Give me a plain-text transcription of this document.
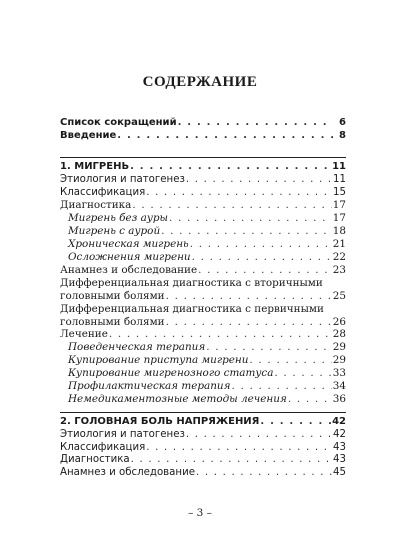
СОДЕРЖАНИЕ
Список сокращений . . .	6
Введение . . .	8
1. МИГРЕНЬ . . .	11
Этиология и патогенез . . .	11
Классификация . . .	15
Диагностика . . .	17
Мигрень без ауры . . .	17
Мигрень с аурой . . .	18
Хроническая мигрень . . .	21
Осложнения мигрени . . .	22
Анамнез и обследование . . .	23
Дифференциальная диагностика с вторичными
головными болями . . .	25
Дифференциальная диагностика с первичными
головными болями . . .	26
Лечение . . .	28
Поведенческая терапия . . .	29
Купирование приступа мигрени . . .	29
Купирование мигренозного статуса . . .	33
Профилактическая терапия . . .	34
Немедикаментозные методы лечения . . .	36
2. ГОЛОВНАЯ БОЛЬ НАПРЯЖЕНИЯ . . .	42
Этиология и патогенез . . .	42
Классификация . . .	43
Диагностика . . .	43
Анамнез и обследование . . .	45
– 3 –
